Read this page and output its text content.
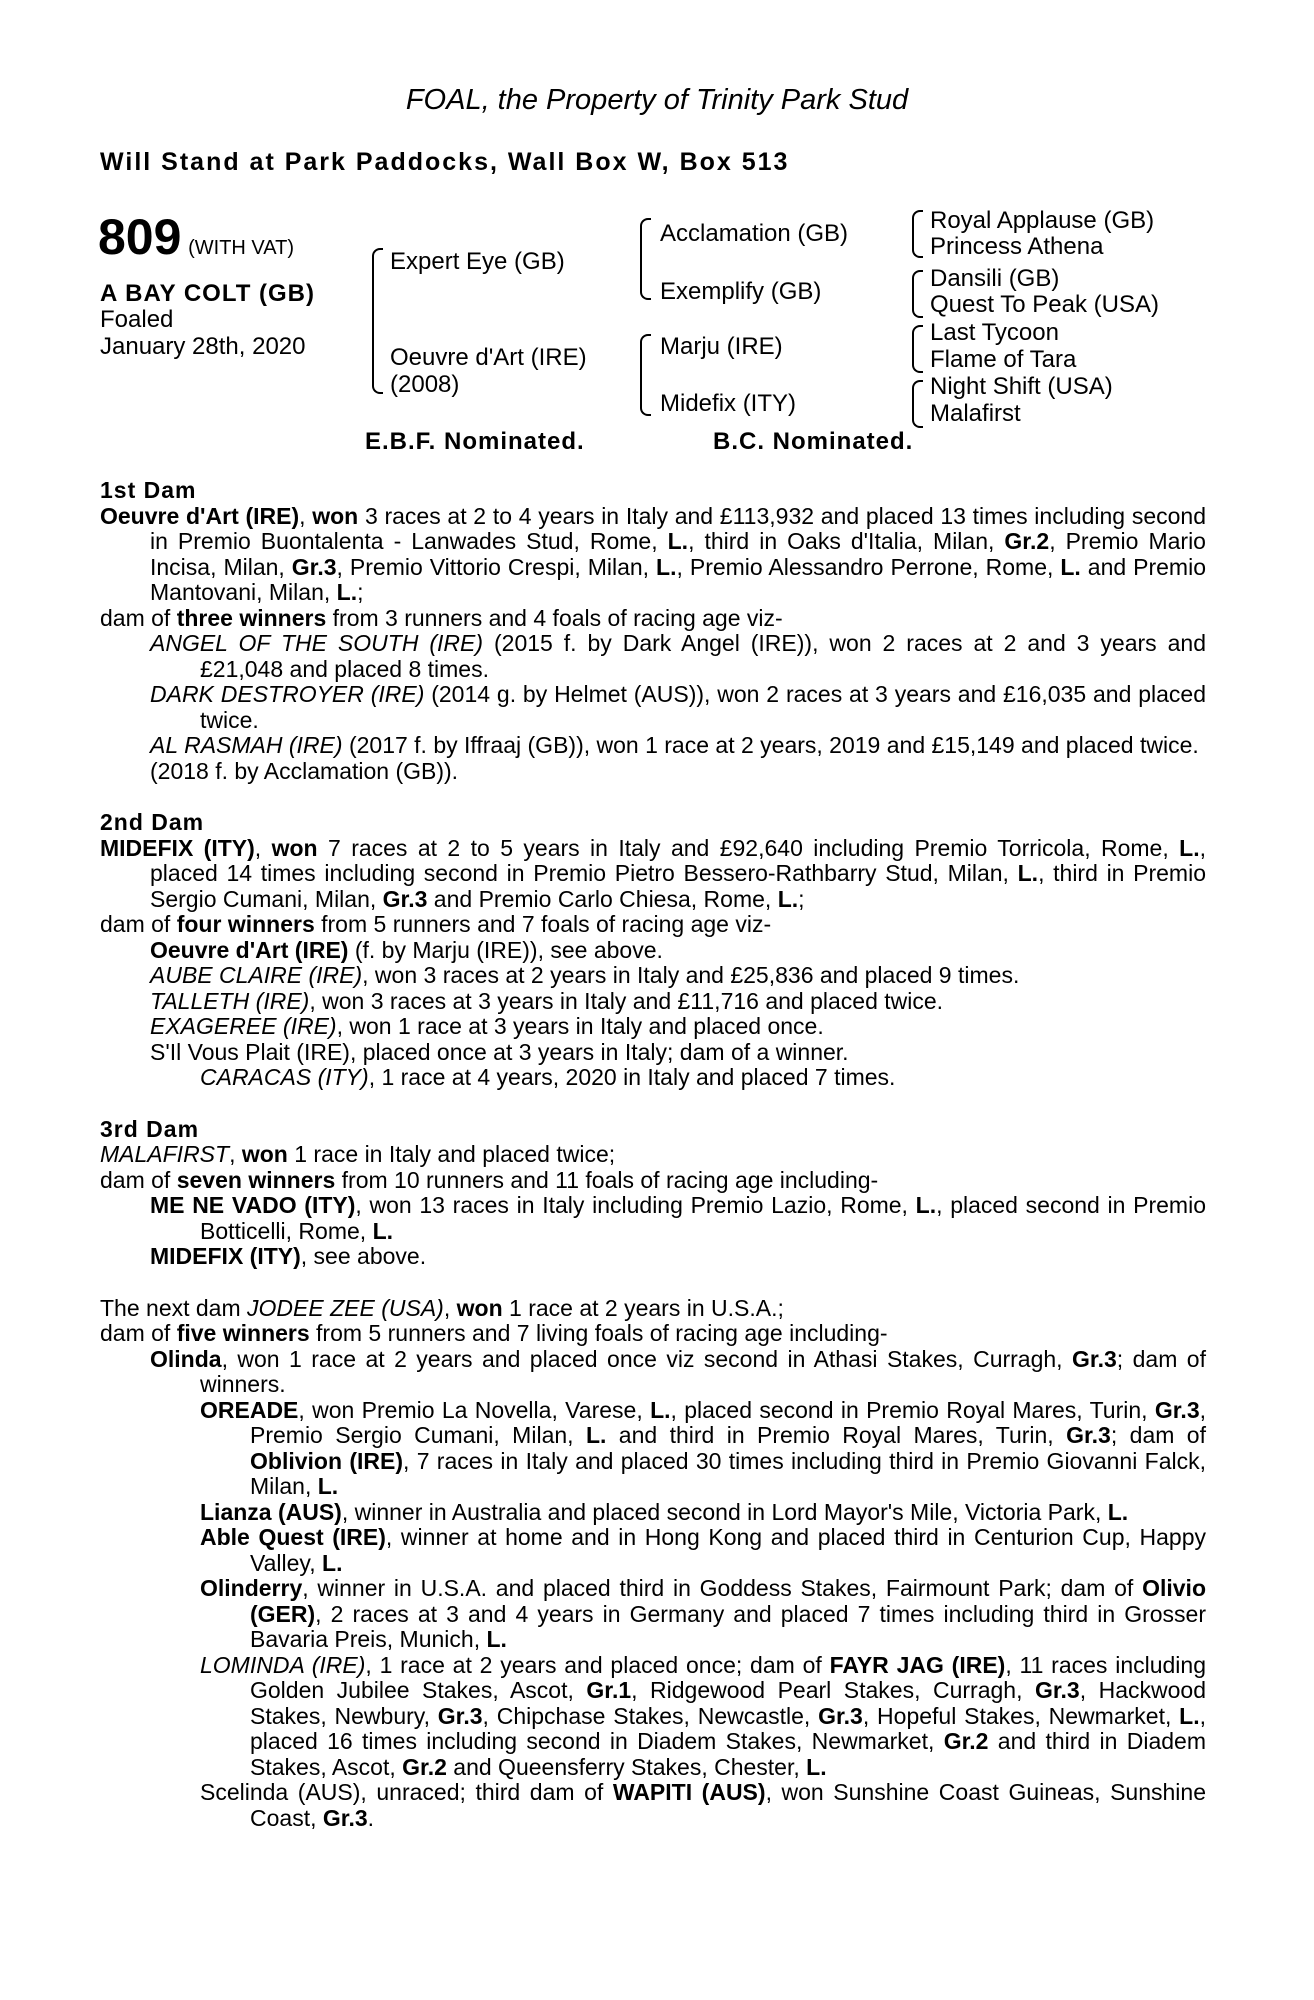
FOAL, the Property of Trinity Park Stud
Will Stand at Park Paddocks, Wall Box W, Box 513
809 (WITH VAT)
A BAY COLT (GB)
Foaled
January 28th, 2020
Expert Eye (GB)
Oeuvre d'Art (IRE)
(2008)
Acclamation (GB)
Exemplify (GB)
Marju (IRE)
Midefix (ITY)
Royal Applause (GB)
Princess Athena
Dansili (GB)
Quest To Peak (USA)
Last Tycoon
Flame of Tara
Night Shift (USA)
Malafirst
E.B.F. Nominated.	B.C. Nominated.

1st Dam

Oeuvre d'Art (IRE), won 3 races at 2 to 4 years in Italy and £113,932 and placed 13 times including second in Premio Buontalenta - Lanwades Stud, Rome, L., third in Oaks d'Italia, Milan, Gr.2, Premio Mario Incisa, Milan, Gr.3, Premio Vittorio Crespi, Milan, L., Premio Alessandro Perrone, Rome, L. and Premio Mantovani, Milan, L.;

dam of three winners from 3 runners and 4 foals of racing age viz-

ANGEL OF THE SOUTH (IRE) (2015 f. by Dark Angel (IRE)), won 2 races at 2 and 3 years and £21,048 and placed 8 times.

DARK DESTROYER (IRE) (2014 g. by Helmet (AUS)), won 2 races at 3 years and £16,035 and placed twice.

AL RASMAH (IRE) (2017 f. by Iffraaj (GB)), won 1 race at 2 years, 2019 and £15,149 and placed twice.

(2018 f. by Acclamation (GB)).

2nd Dam

MIDEFIX (ITY), won 7 races at 2 to 5 years in Italy and £92,640 including Premio Torricola, Rome, L., placed 14 times including second in Premio Pietro Bessero-Rathbarry Stud, Milan, L., third in Premio Sergio Cumani, Milan, Gr.3 and Premio Carlo Chiesa, Rome, L.;

dam of four winners from 5 runners and 7 foals of racing age viz-

Oeuvre d'Art (IRE) (f. by Marju (IRE)), see above.

AUBE CLAIRE (IRE), won 3 races at 2 years in Italy and £25,836 and placed 9 times.

TALLETH (IRE), won 3 races at 3 years in Italy and £11,716 and placed twice.

EXAGEREE (IRE), won 1 race at 3 years in Italy and placed once.

S'Il Vous Plait (IRE), placed once at 3 years in Italy; dam of a winner.

CARACAS (ITY), 1 race at 4 years, 2020 in Italy and placed 7 times.

3rd Dam

MALAFIRST, won 1 race in Italy and placed twice;

dam of seven winners from 10 runners and 11 foals of racing age including-

ME NE VADO (ITY), won 13 races in Italy including Premio Lazio, Rome, L., placed second in Premio Botticelli, Rome, L.

MIDEFIX (ITY), see above.

The next dam JODEE ZEE (USA), won 1 race at 2 years in U.S.A.;

dam of five winners from 5 runners and 7 living foals of racing age including-

Olinda, won 1 race at 2 years and placed once viz second in Athasi Stakes, Curragh, Gr.3; dam of winners.

OREADE, won Premio La Novella, Varese, L., placed second in Premio Royal Mares, Turin, Gr.3, Premio Sergio Cumani, Milan, L. and third in Premio Royal Mares, Turin, Gr.3; dam of Oblivion (IRE), 7 races in Italy and placed 30 times including third in Premio Giovanni Falck, Milan, L.

Lianza (AUS), winner in Australia and placed second in Lord Mayor's Mile, Victoria Park, L.

Able Quest (IRE), winner at home and in Hong Kong and placed third in Centurion Cup, Happy Valley, L.

Olinderry, winner in U.S.A. and placed third in Goddess Stakes, Fairmount Park; dam of Olivio (GER), 2 races at 3 and 4 years in Germany and placed 7 times including third in Grosser Bavaria Preis, Munich, L.

LOMINDA (IRE), 1 race at 2 years and placed once; dam of FAYR JAG (IRE), 11 races including Golden Jubilee Stakes, Ascot, Gr.1, Ridgewood Pearl Stakes, Curragh, Gr.3, Hackwood Stakes, Newbury, Gr.3, Chipchase Stakes, Newcastle, Gr.3, Hopeful Stakes, Newmarket, L., placed 16 times including second in Diadem Stakes, Newmarket, Gr.2 and third in Diadem Stakes, Ascot, Gr.2 and Queensferry Stakes, Chester, L.

Scelinda (AUS), unraced; third dam of WAPITI (AUS), won Sunshine Coast Guineas, Sunshine Coast, Gr.3.
